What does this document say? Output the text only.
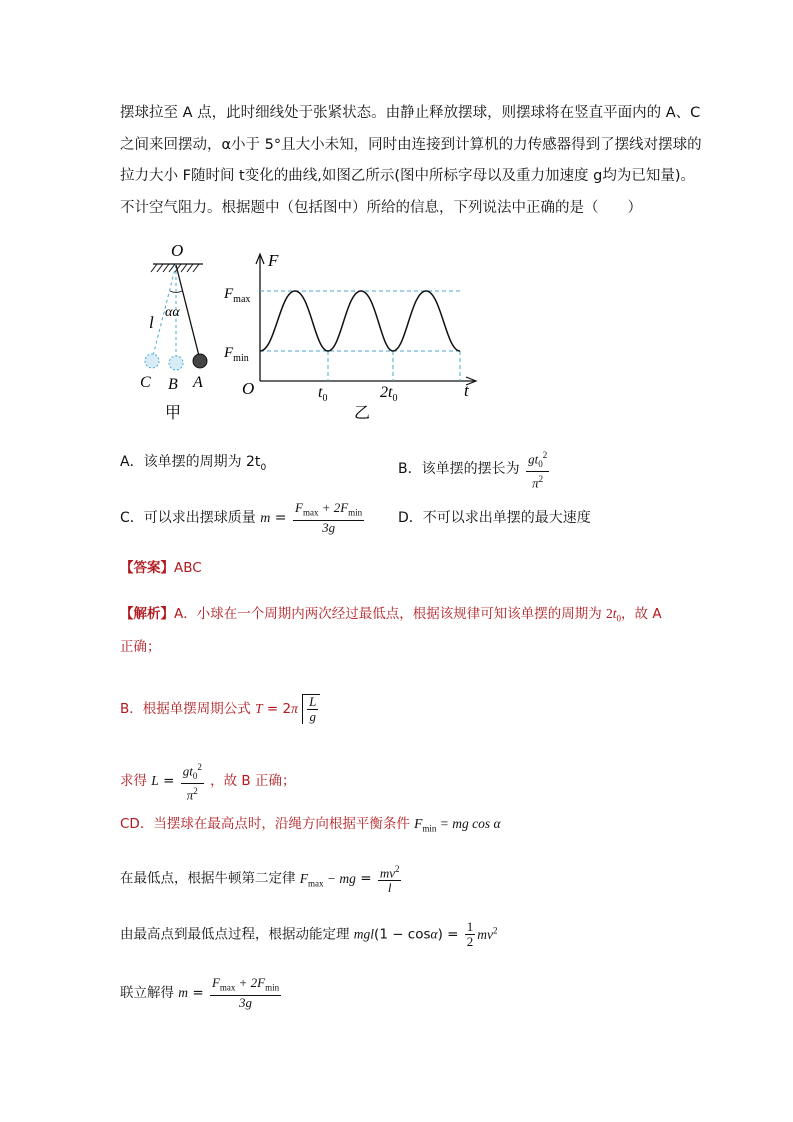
摆球拉至 A 点，此时细线处于张紧状态。由静止释放摆球，则摆球将在竖直平面内的 A、C
之间来回摆动，α小于 5°且大小未知，同时由连接到计算机的力传感器得到了摆线对摆球的
拉力大小 F随时间 t变化的曲线,如图乙所示(图中所标字母以及重力加速度 g均为已知量)。
不计空气阻力。根据题中（包括图中）所给的信息，下列说法中正确的是（　　）
O
αα
l
C B A
甲
F
$F_{max}$
$F_{min}$
O	$t_0$	$2t_0$	t
乙
A．该单摆的周期为 $2t_0$	B．该单摆的摆长为 $\frac{gt_0^2}{\pi^2}$
C．可以求出摆球质量 $m = \frac{F_{max} + 2F_{min}}{3g}$ D．不可以求出单摆的最大速度
【答案】ABC
【解析】A．小球在一个周期内两次经过最低点，根据该规律可知该单摆的周期为 $2t_0$，故 A
正确；
B．根据单摆周期公式 $T = 2\pi \frac{L}{g}$
求得 $L = \frac{gt_0^2}{\pi^2}$ ，故 B 正确；
CD．当摆球在最高点时，沿绳方向根据平衡条件 $F_{min}$ = mg cos α
在最低点，根据牛顿第二定律 $F_{max}$ − mg = $\frac{mv^2}{l}$
由最高点到最低点过程，根据动能定理 $mgl(1 - \cos\alpha) = \frac{1}{2} mv^2$
联立解得 $m = \frac{F_{max} + 2F_{min}}{3g}$
